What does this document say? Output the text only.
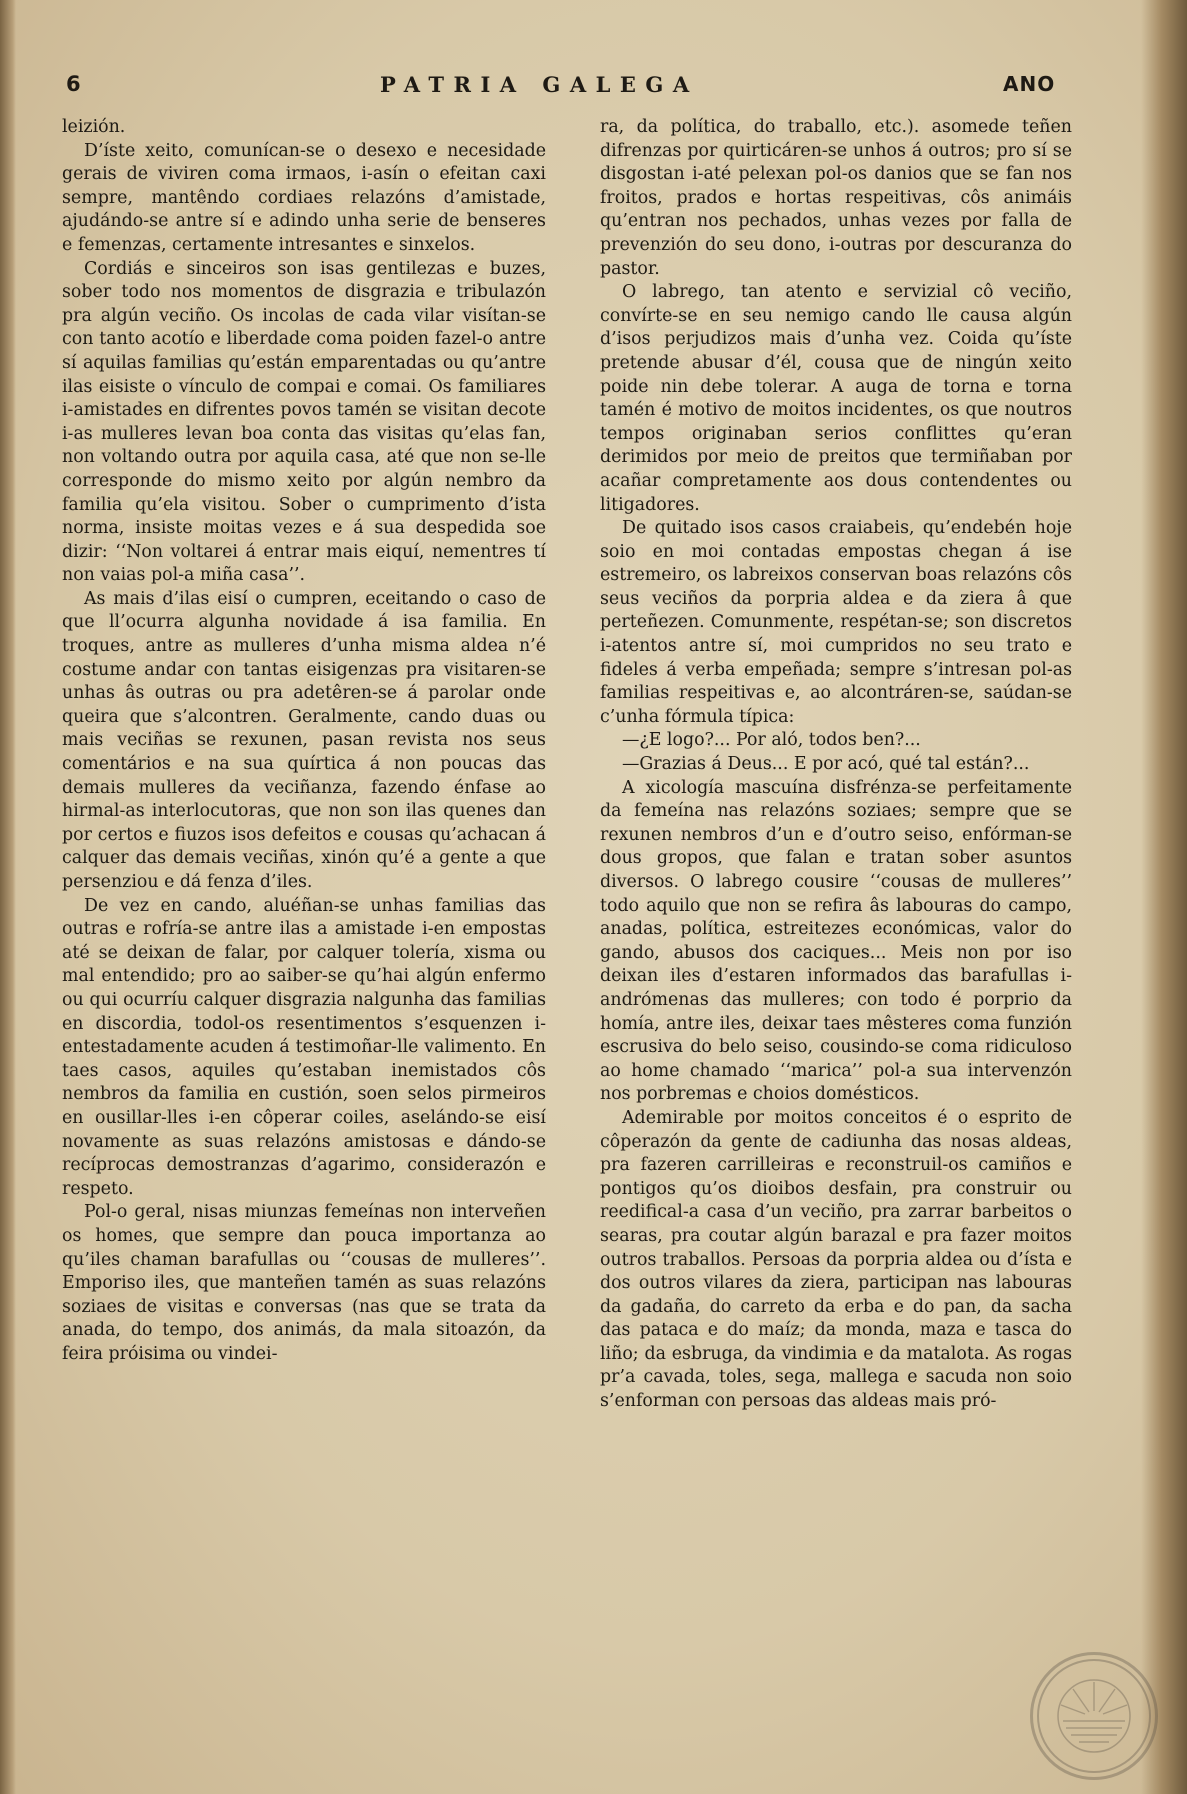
6	PATRIA GALEGA	ANO

leizión.

D’íste xeito, comunícan-se o desexo e necesidade gerais de viviren coma irmaos, i-asín o efeitan caxi sempre, mantêndo cordiaes relazóns d’amistade, ajudándo-se antre sí e adindo unha serie de benseres e femenzas, certamente intresantes e sinxelos.

Cordiás e sinceiros son isas gentilezas e buzes, sober todo nos momentos de disgrazia e tribulazón pra algún veciño. Os incolas de cada vilar visítan-se con tanto acotío e liberdade coma poiden fazel-o antre sí aquilas familias qu’están emparentadas ou qu’antre ilas eisiste o vínculo de compai e comai. Os familiares i-amistades en difrentes povos tamén se visitan decote i-as mulleres levan boa conta das visitas qu’elas fan, non voltando outra por aquila casa, até que non se-lle corresponde do mismo xeito por algún nembro da familia qu’ela visitou. Sober o cumprimento d’ista norma, insiste moitas vezes e á sua despedida soe dizir: ‘‘Non voltarei á entrar mais eiquí, nementres tí non vaias pol-a miña casa’’.

As mais d’ilas eisí o cumpren, eceitando o caso de que ll’ocurra algunha novidade á isa familia. En troques, antre as mulleres d’unha misma aldea n’é costume andar con tantas eisigenzas pra visitaren-se unhas âs outras ou pra adetêren-se á parolar onde queira que s’alcontren. Geralmente, cando duas ou mais veciñas se rexunen, pasan revista nos seus comentários e na sua quírtica á non poucas das demais mulleres da veciñanza, fazendo énfase ao hirmal-as interlocutoras, que non son ilas quenes dan por certos e fiuzos isos defeitos e cousas qu’achacan á calquer das demais veciñas, xinón qu’é a gente a que persenziou e dá fenza d’iles.

De vez en cando, aluéñan-se unhas familias das outras e rofría-se antre ilas a amistade i-en empostas até se deixan de falar, por calquer tolería, xisma ou mal entendido; pro ao saiber-se qu’hai algún enfermo ou qui ocurríu calquer disgrazia nalgunha das familias en discordia, todol-os resentimentos s’esquenzen i-entestadamente acuden á testimoñar-lle valimento. En taes casos, aquiles qu’estaban inemistados côs nembros da familia en custión, soen selos pirmeiros en ousillar-lles i-en côperar coiles, aselándo-se eisí novamente as suas relazóns amistosas e dándo-se recíprocas demostranzas d’agarimo, considerazón e respeto.

Pol-o geral, nisas miunzas femeínas non interveñen os homes, que sempre dan pouca importanza ao qu’iles chaman barafullas ou ‘‘cousas de mulleres’’. Emporiso iles, que manteñen tamén as suas relazóns soziaes de visitas e conversas (nas que se trata da anada, do tempo, dos animás, da mala sitoazón, da feira próisima ou vindei-

ra, da política, do traballo, etc.). asomede teñen difrenzas por quirticáren-se unhos á outros; pro sí se disgostan i-até pelexan pol-os danios que se fan nos froitos, prados e hortas respeitivas, côs animáis qu’entran nos pechados, unhas vezes por falla de prevenzión do seu dono, i-outras por descuranza do pastor.

O labrego, tan atento e servizial cô veciño, convírte-se en seu nemigo cando lle causa algún d’isos perjudizos mais d’unha vez. Coida qu’íste pretende abusar d’él, cousa que de ningún xeito poide nin debe tolerar. A auga de torna e torna tamén é motivo de moitos incidentes, os que noutros tempos originaban serios conflittes qu’eran derimidos por meio de preitos que termiñaban por acañar compretamente aos dous contendentes ou litigadores.

De quitado isos casos craiabeis, qu’endebén hoje soio en moi contadas empostas chegan á ise estremeiro, os labreixos conservan boas relazóns côs seus veciños da porpria aldea e da ziera â que perteñezen. Comunmente, respétan-se; son discretos i-atentos antre sí, moi cumpridos no seu trato e fideles á verba empeñada; sempre s’intresan pol-as familias respeitivas e, ao alcontráren-se, saúdan-se c’unha fórmula típica:

—¿E logo?... Por aló, todos ben?...

—Grazias á Deus... E por acó, qué tal están?...

A xicología mascuína disfrénza-se perfeitamente da femeína nas relazóns soziaes; sempre que se rexunen nembros d’un e d’outro seiso, enfórman-se dous gropos, que falan e tratan sober asuntos diversos. O labrego cousire ‘‘cousas de mulleres’’ todo aquilo que non se refira âs labouras do campo, anadas, política, estreitezes económicas, valor do gando, abusos dos caciques... Meis non por iso deixan iles d’estaren informados das barafullas i-andrómenas das mulleres; con todo é porprio da homía, antre iles, deixar taes mêsteres coma funzión escrusiva do belo seiso, cousindo-se coma ridiculoso ao home chamado ‘‘marica’’ pol-a sua intervenzón nos porbremas e choios domésticos.

Ademirable por moitos conceitos é o esprito de côperazón da gente de cadiunha das nosas aldeas, pra fazeren carrilleiras e reconstruil-os camiños e pontigos qu’os dioibos desfain, pra construir ou reedifical-a casa d’un veciño, pra zarrar barbeitos o searas, pra coutar algún barazal e pra fazer moitos outros traballos. Persoas da porpria aldea ou d’ísta e dos outros vilares da ziera, participan nas labouras da gadaña, do carreto da erba e do pan, da sacha das pataca e do maíz; da monda, maza e tasca do liño; da esbruga, da vindimia e da matalota. As rogas pr’a cavada, toles, sega, mallega e sacuda non soio s’enforman con persoas das aldeas mais pró-
